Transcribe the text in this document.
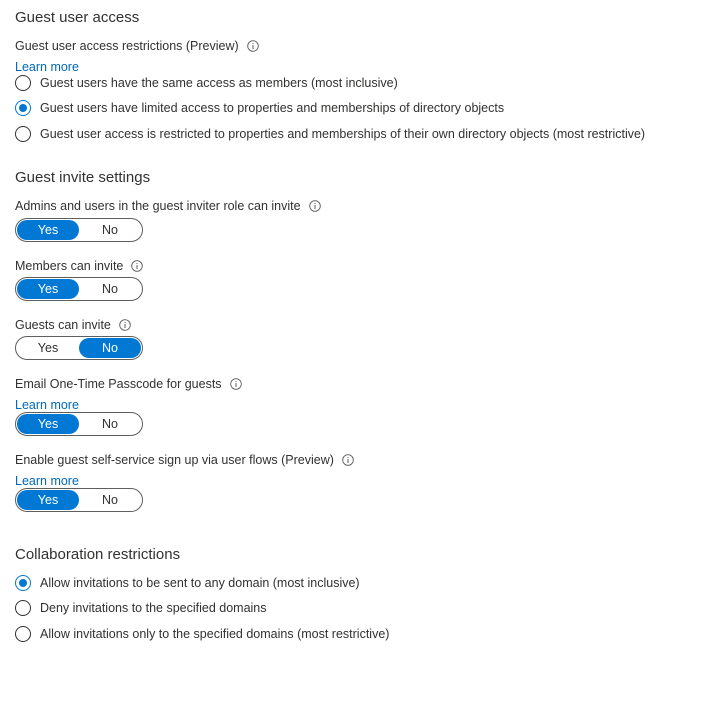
Guest user access
Guest user access restrictions (Preview)
Learn more
Guest users have the same access as members (most inclusive)
Guest users have limited access to properties and memberships of directory objects
Guest user access is restricted to properties and memberships of their own directory objects (most restrictive)
Guest invite settings
Admins and users in the guest inviter role can invite
Yes	No
Members can invite
Yes	No
Guests can invite
Yes	No
Email One-Time Passcode for guests
Learn more
Yes	No
Enable guest self-service sign up via user flows (Preview)
Learn more
Yes	No
Collaboration restrictions
Allow invitations to be sent to any domain (most inclusive)
Deny invitations to the specified domains
Allow invitations only to the specified domains (most restrictive)
